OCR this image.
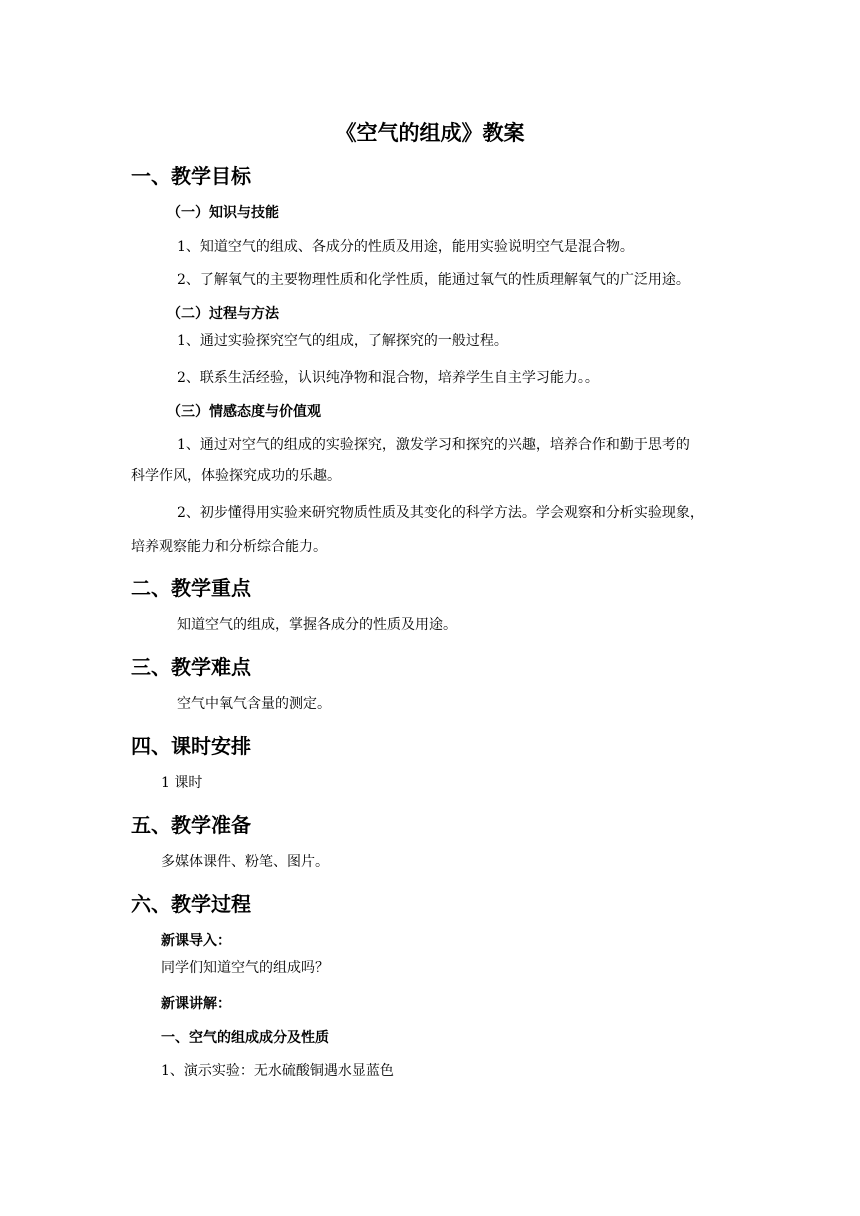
《空气的组成》教案
一、教学目标
（一）知识与技能
1、知道空气的组成、各成分的性质及用途，能用实验说明空气是混合物。
2、了解氧气的主要物理性质和化学性质，能通过氧气的性质理解氧气的广泛用途。
（二）过程与方法
1、通过实验探究空气的组成，了解探究的一般过程。
2、联系生活经验，认识纯净物和混合物，培养学生自主学习能力。。
（三）情感态度与价值观
1、通过对空气的组成的实验探究，激发学习和探究的兴趣，培养合作和勤于思考的
科学作风，体验探究成功的乐趣。
2、初步懂得用实验来研究物质性质及其变化的科学方法。学会观察和分析实验现象，
培养观察能力和分析综合能力。
二、教学重点
知道空气的组成，掌握各成分的性质及用途。
三、教学难点
空气中氧气含量的测定。
四、课时安排
1 课时
五、教学准备
多媒体课件、粉笔、图片。
六、教学过程
新课导入：
同学们知道空气的组成吗？
新课讲解：
一、空气的组成成分及性质
1、演示实验：无水硫酸铜遇水显蓝色
